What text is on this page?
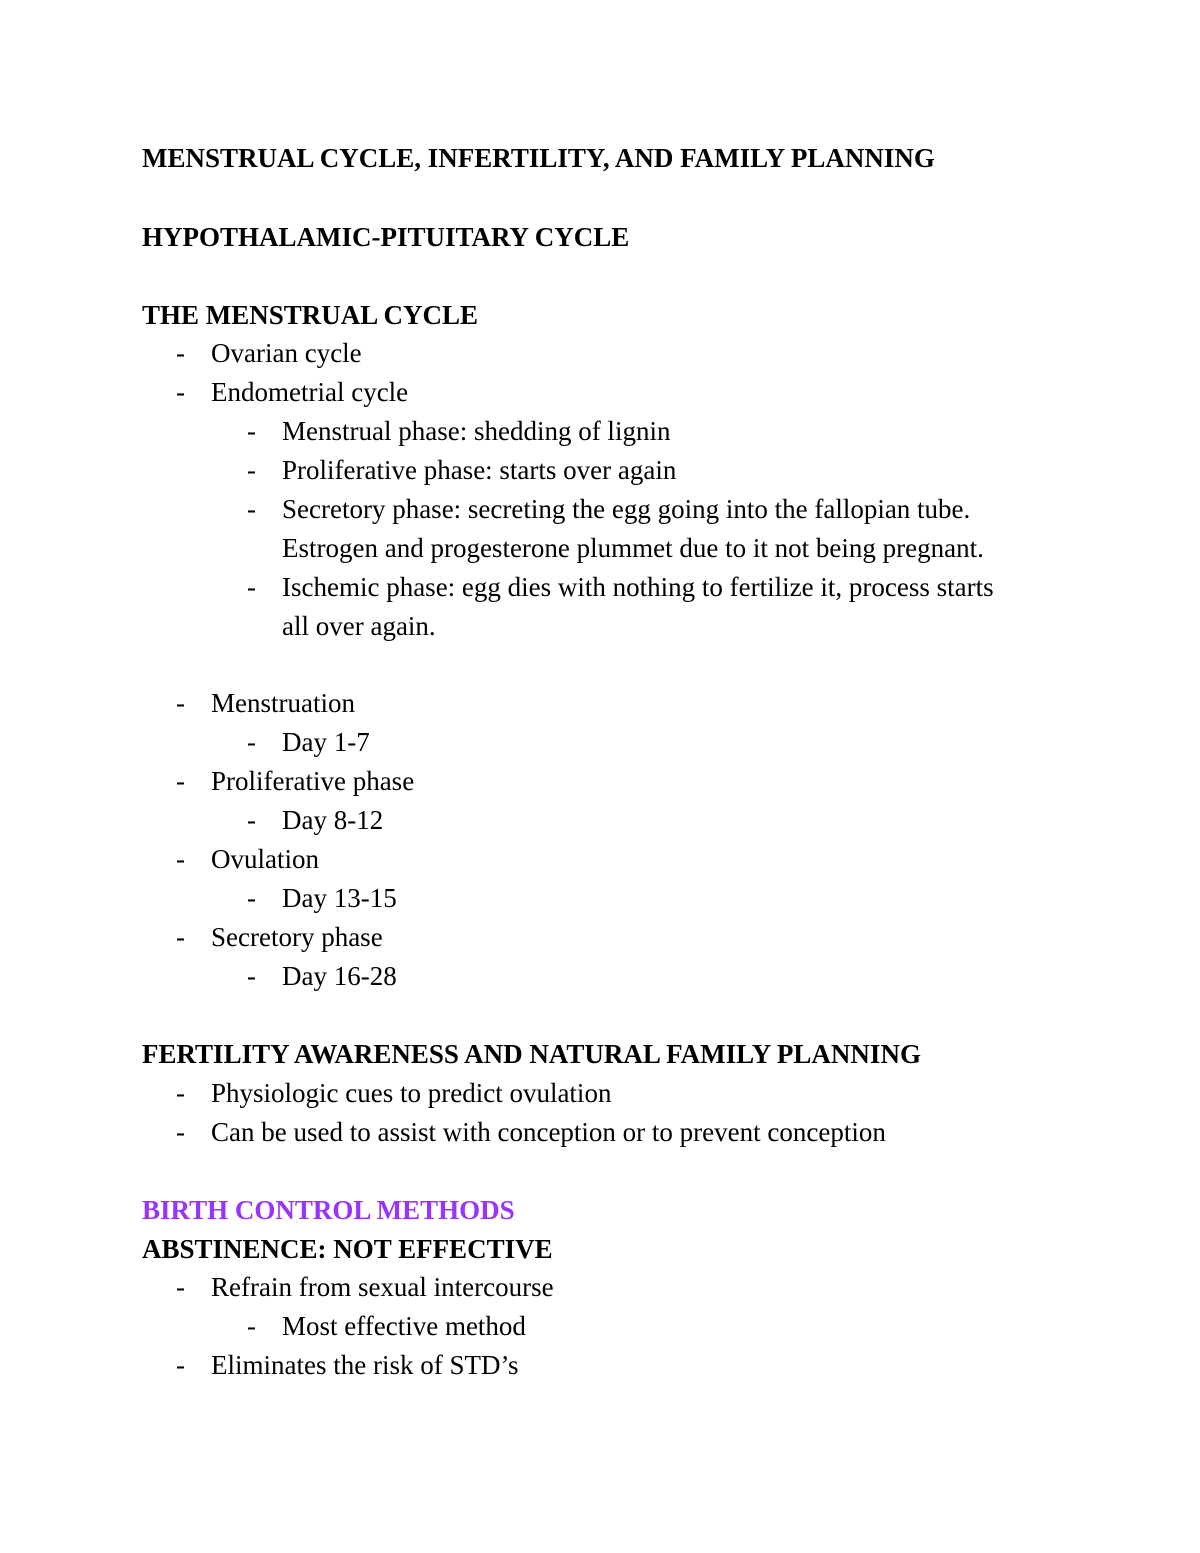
MENSTRUAL CYCLE, INFERTILITY, AND FAMILY PLANNING
HYPOTHALAMIC-PITUITARY CYCLE
THE MENSTRUAL CYCLE
- Ovarian cycle
- Endometrial cycle
- Menstrual phase: shedding of lignin
- Proliferative phase: starts over again
- Secretory phase: secreting the egg going into the fallopian tube.
Estrogen and progesterone plummet due to it not being pregnant.
- Ischemic phase: egg dies with nothing to fertilize it, process starts
all over again.
- Menstruation
- Day 1-7
- Proliferative phase
- Day 8-12
- Ovulation
- Day 13-15
- Secretory phase
- Day 16-28
FERTILITY AWARENESS AND NATURAL FAMILY PLANNING
- Physiologic cues to predict ovulation
- Can be used to assist with conception or to prevent conception
BIRTH CONTROL METHODS
ABSTINENCE: NOT EFFECTIVE
- Refrain from sexual intercourse
- Most effective method
- Eliminates the risk of STD’s
